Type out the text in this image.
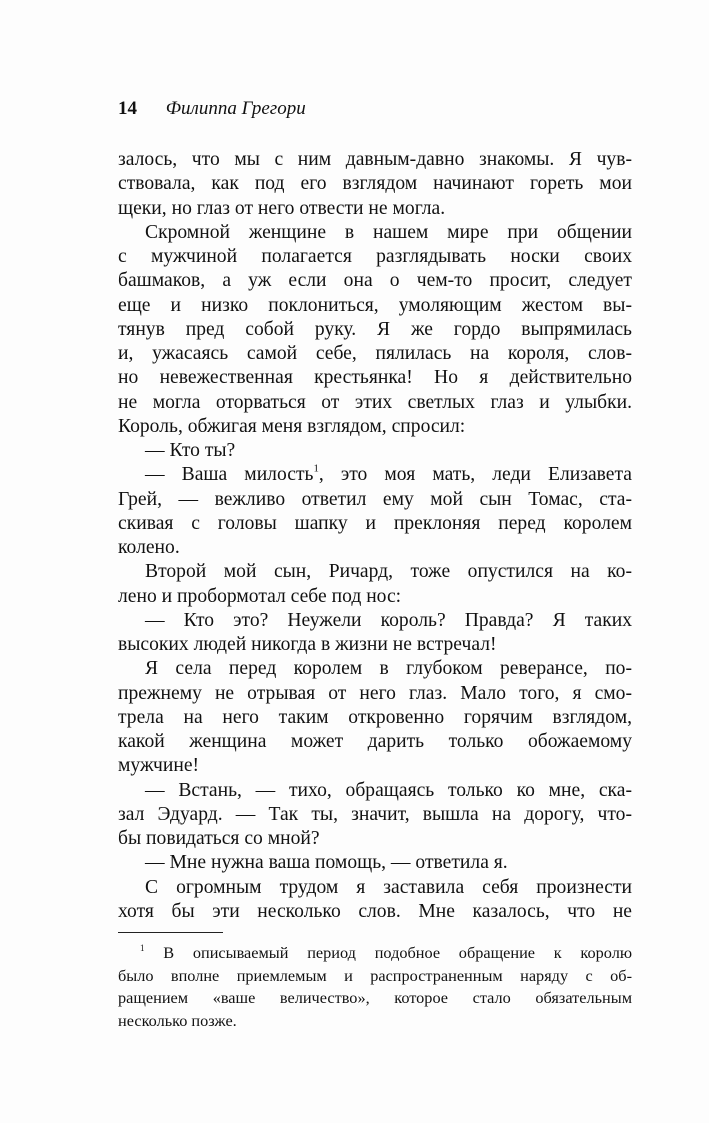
14 Филиппа Грегори
залось, что мы с ним давным-давно знакомы. Я чув-
ствовала, как под его взглядом начинают гореть мои
щеки, но глаз от него отвести не могла.
Скромной женщине в нашем мире при общении
с мужчиной полагается разглядывать носки своих
башмаков, а уж если она о чем-то просит, следует
еще и низко поклониться, умоляющим жестом вы-
тянув пред собой руку. Я же гордо выпрямилась
и, ужасаясь самой себе, пялилась на короля, слов-
но невежественная крестьянка! Но я действительно
не могла оторваться от этих светлых глаз и улыбки.
Король, обжигая меня взглядом, спросил:
— Кто ты?
— Ваша милость$^1$, это моя мать, леди Елизавета
Грей, — вежливо ответил ему мой сын Томас, ста-
скивая с головы шапку и преклоняя перед королем
колено.
Второй мой сын, Ричард, тоже опустился на ко-
лено и пробормотал себе под нос:
— Кто это? Неужели король? Правда? Я таких
высоких людей никогда в жизни не встречал!
Я села перед королем в глубоком реверансе, по-
прежнему не отрывая от него глаз. Мало того, я смо-
трела на него таким откровенно горячим взглядом,
какой женщина может дарить только обожаемому
мужчине!
— Встань, — тихо, обращаясь только ко мне, ска-
зал Эдуард. — Так ты, значит, вышла на дорогу, что-
бы повидаться со мной?
— Мне нужна ваша помощь, — ответила я.
С огромным трудом я заставила себя произнести
хотя бы эти несколько слов. Мне казалось, что не
$^1$ В описываемый период подобное обращение к королю
было вполне приемлемым и распространенным наряду с об-
ращением «ваше величество», которое стало обязательным
несколько позже.
